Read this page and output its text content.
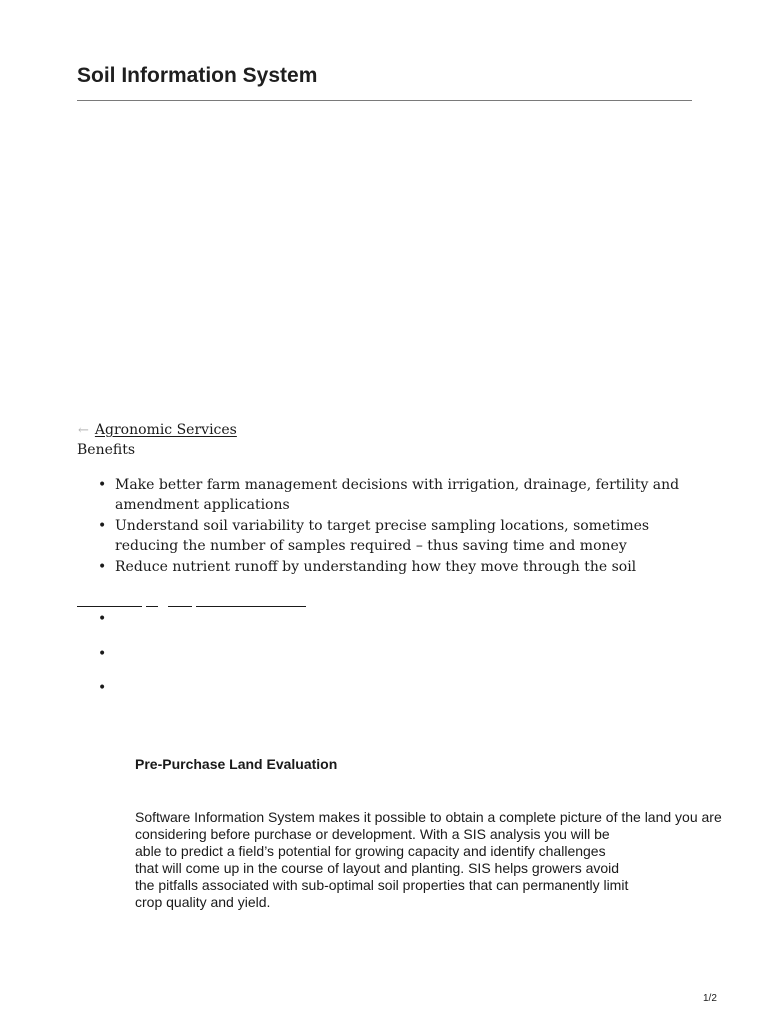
Soil Information System
← Agronomic Services
Benefits
• Make better farm management decisions with irrigation, drainage, fertility and amendment applications
• Understand soil variability to target precise sampling locations, sometimes reducing the number of samples required – thus saving time and money
• Reduce nutrient runoff by understanding how they move through the soil
•
•
•
Pre-Purchase Land Evaluation
Software Information System makes it possible to obtain a complete picture of the land you are
considering before purchase or development. With a SIS analysis you will be
able to predict a field’s potential for growing capacity and identify challenges
that will come up in the course of layout and planting. SIS helps growers avoid
the pitfalls associated with sub-optimal soil properties that can permanently limit
crop quality and yield.
1/2
